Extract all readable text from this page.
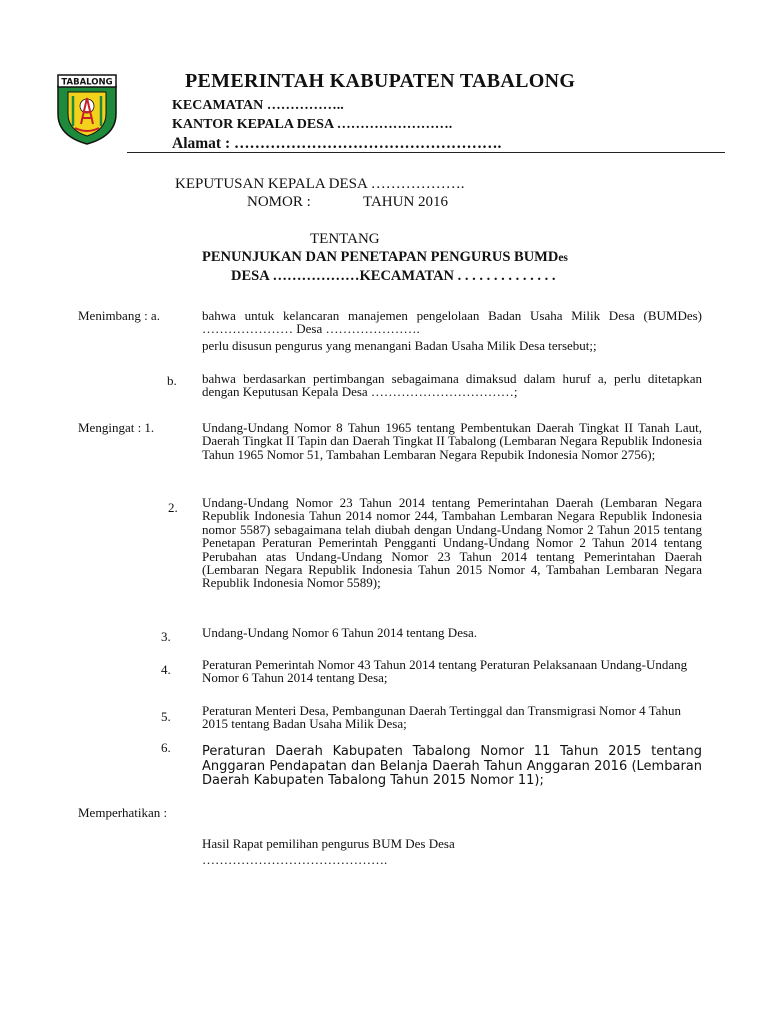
TABALONG	PEMERINTAH KABUPATEN TABALONG
KECAMATAN ……………..
KANTOR KEPALA DESA …………………….
Alamat : …………………………………………….
KEPUTUSAN KEPALA DESA ……………….
NOMOR :	TAHUN 2016
TENTANG
PENUNJUKAN DAN PENETAPAN PENGURUS BUMDes
DESA ………………KECAMATAN . . . . . . . . . . . . . .
Menimbang : a.	bahwa untuk kelancaran manajemen pengelolaan Badan Usaha Milik Desa (BUMDes) ………………… Desa ………………….
perlu disusun pengurus yang menangani Badan Usaha Milik Desa tersebut;;
b. bahwa berdasarkan pertimbangan sebagaimana dimaksud dalam huruf a, perlu ditetapkan dengan Keputusan Kepala Desa ……………………………;
Mengingat : 1.	Undang-Undang Nomor 8 Tahun 1965 tentang Pembentukan Daerah Tingkat II Tanah Laut, Daerah Tingkat II Tapin dan Daerah Tingkat II Tabalong (Lembaran Negara Republik Indonesia Tahun 1965 Nomor 51, Tambahan Lembaran Negara Repubik Indonesia Nomor 2756);
2. Undang-Undang Nomor 23 Tahun 2014 tentang Pemerintahan Daerah (Lembaran Negara Republik Indonesia Tahun 2014 nomor 244, Tambahan Lembaran Negara Republik Indonesia nomor 5587) sebagaimana telah diubah dengan Undang-Undang Nomor 2 Tahun 2015 tentang Penetapan Peraturan Pemerintah Pengganti Undang-Undang Nomor 2 Tahun 2014 tentang Perubahan atas Undang-Undang Nomor 23 Tahun 2014 tentang Pemerintahan Daerah (Lembaran Negara Republik Indonesia Tahun 2015 Nomor 4, Tambahan Lembaran Negara Republik Indonesia Nomor 5589);
3. Undang-Undang Nomor 6 Tahun 2014 tentang Desa.
4. Peraturan Pemerintah Nomor 43 Tahun 2014 tentang Peraturan Pelaksanaan Undang-Undang Nomor 6 Tahun 2014 tentang Desa;
5. Peraturan Menteri Desa, Pembangunan Daerah Tertinggal dan Transmigrasi Nomor 4 Tahun 2015 tentang Badan Usaha Milik Desa;
6. Peraturan Daerah Kabupaten Tabalong Nomor 11 Tahun 2015 tentang Anggaran Pendapatan dan Belanja Daerah Tahun Anggaran 2016 (Lembaran Daerah Kabupaten Tabalong Tahun 2015 Nomor 11);
Memperhatikan :
Hasil Rapat pemilihan pengurus BUM Des Desa
…………………………………….
